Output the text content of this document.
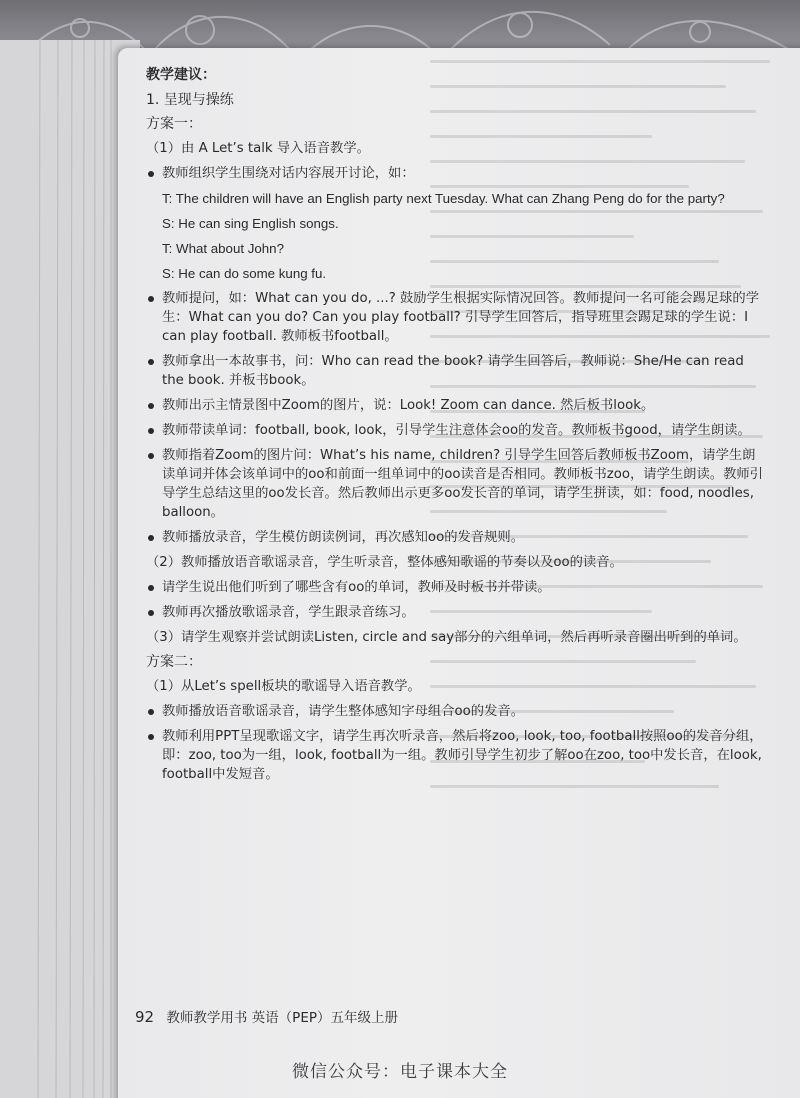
教学建议：

1. 呈现与操练

方案一：

（1）由 A Let’s talk 导入语音教学。

教师组织学生围绕对话内容展开讨论，如：

T: The children will have an English party next Tuesday. What can Zhang Peng do for the party?

S: He can sing English songs.

T: What about John?

S: He can do some kung fu.

教师提问，如：What can you do, ...? 鼓励学生根据实际情况回答。教师提问一名可能会踢足球的学生：What can you do? Can you play football? 引导学生回答后，指导班里会踢足球的学生说：I can play football. 教师板书football。

教师拿出一本故事书，问：Who can read the book? 请学生回答后，教师说：She/He can read the book. 并板书book。

教师出示主情景图中Zoom的图片，说：Look! Zoom can dance. 然后板书look。

教师带读单词：football, book, look，引导学生注意体会oo的发音。教师板书good，请学生朗读。

教师指着Zoom的图片问：What’s his name, children? 引导学生回答后教师板书Zoom，请学生朗读单词并体会该单词中的oo和前面一组单词中的oo读音是否相同。教师板书zoo，请学生朗读。教师引导学生总结这里的oo发长音。然后教师出示更多oo发长音的单词，请学生拼读，如：food, noodles, balloon。

教师播放录音，学生模仿朗读例词，再次感知oo的发音规则。

（2）教师播放语音歌谣录音，学生听录音，整体感知歌谣的节奏以及oo的读音。

请学生说出他们听到了哪些含有oo的单词，教师及时板书并带读。

教师再次播放歌谣录音，学生跟录音练习。

（3）请学生观察并尝试朗读Listen, circle and say部分的六组单词，然后再听录音圈出听到的单词。

方案二：

（1）从Let’s spell板块的歌谣导入语音教学。

教师播放语音歌谣录音，请学生整体感知字母组合oo的发音。

教师利用PPT呈现歌谣文字，请学生再次听录音，然后将zoo, look, too, football按照oo的发音分组，即：zoo, too为一组，look, football为一组。教师引导学生初步了解oo在zoo, too中发长音，在look, football中发短音。

92 教师教学用书 英语（PEP）五年级上册
微信公众号：电子课本大全
